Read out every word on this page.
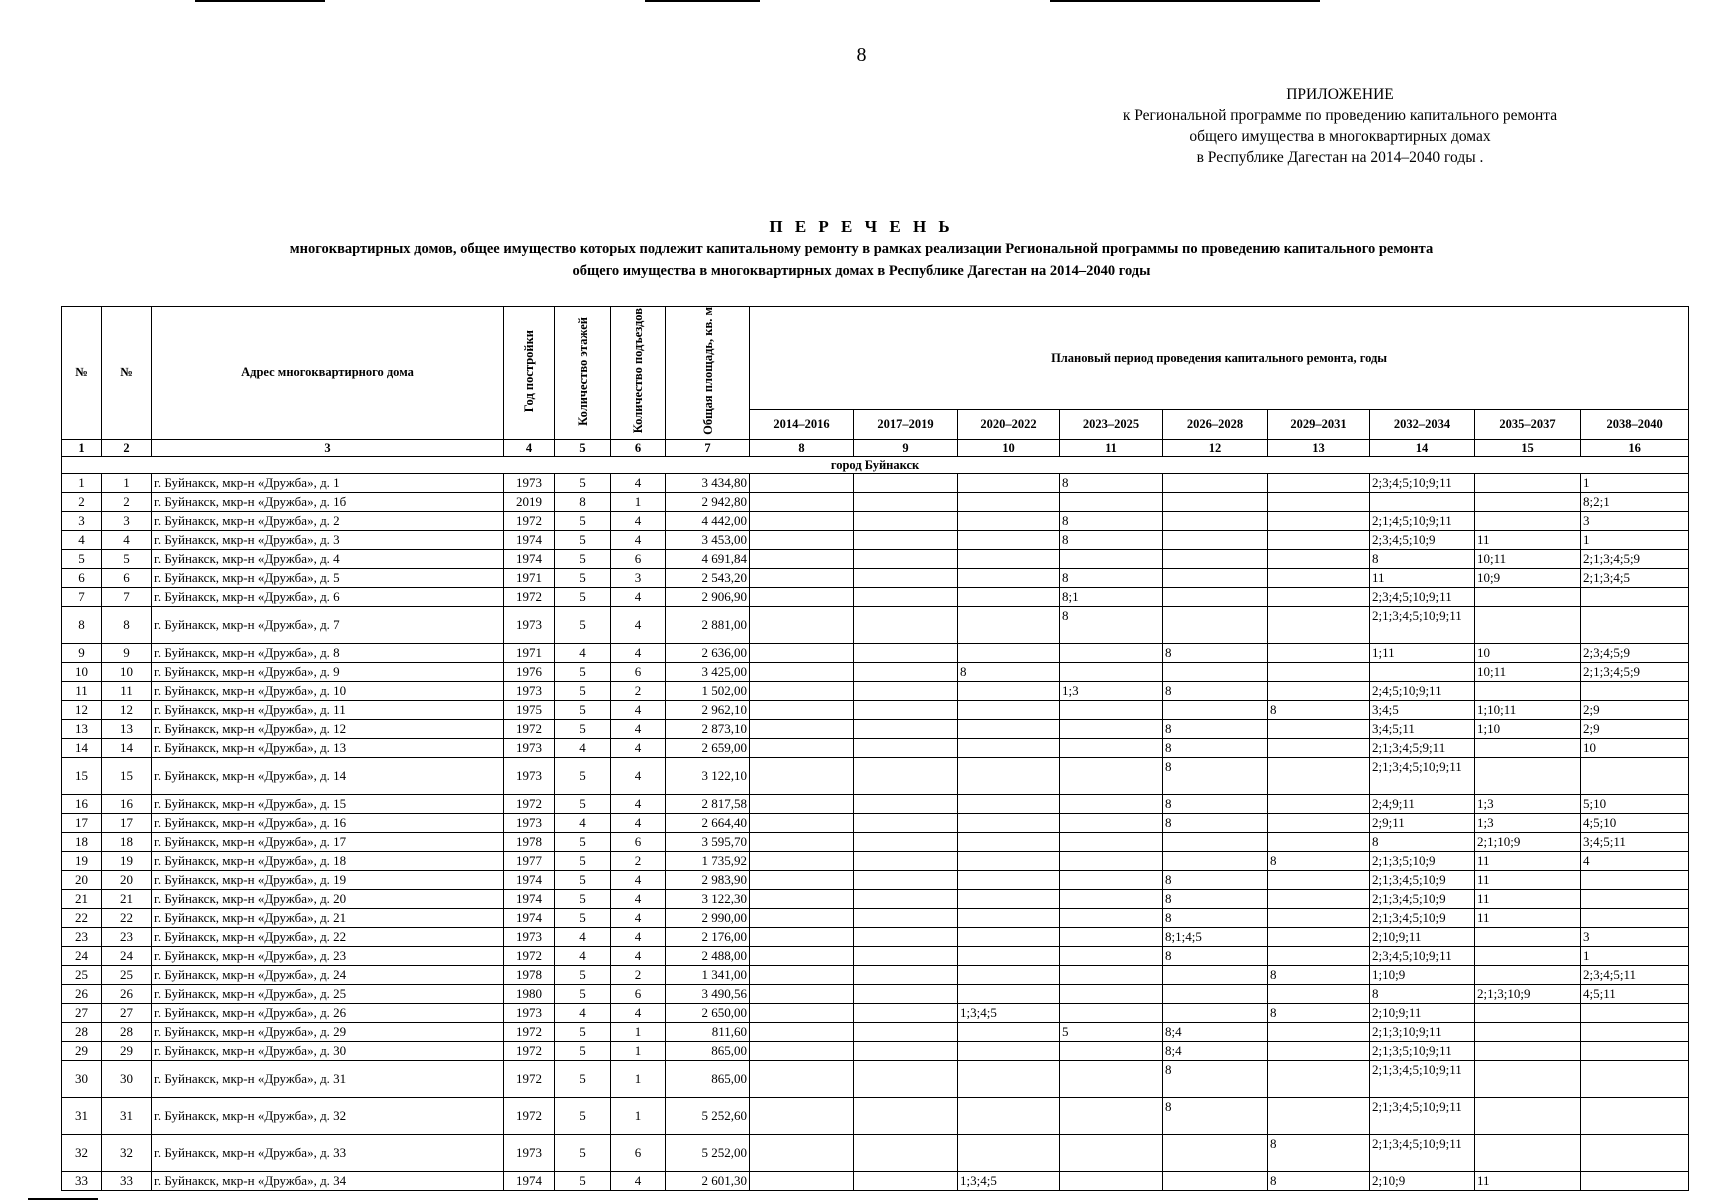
8
ПРИЛОЖЕНИЕ
к Региональной программе по проведению капитального ремонта
общего имущества в многоквартирных домах
в Республике Дагестан на 2014–2040 годы .
П Е Р Е Ч Е Н Ь
многоквартирных домов, общее имущество которых подлежит капитальному ремонту в рамках реализации Региональной программы по проведению капитального ремонта
общего имущества в многоквартирных домах в Республике Дагестан на 2014–2040 годы
№	№	Адрес многоквартирного дома	Год постройки	Количество этажей	Количество подъездов	Общая площадь, кв. м	Плановый период проведения капитального ремонта, годы								
							2014–2016	2017–2019	2020–2022	2023–2025	2026–2028	2029–2031	2032–2034	2035–2037	2038–2040
1	2	3	4	5	6	7	8	9	10	11	12	13	14	15	16
город Буйнакск															
1	1	г. Буйнакск, мкр-н «Дружба», д. 1	1973	5	4	3 434,80				8			2;3;4;5;10;9;11		1
2	2	г. Буйнакск, мкр-н «Дружба», д. 1б	2019	8	1	2 942,80									8;2;1
3	3	г. Буйнакск, мкр-н «Дружба», д. 2	1972	5	4	4 442,00				8			2;1;4;5;10;9;11		3
4	4	г. Буйнакск, мкр-н «Дружба», д. 3	1974	5	4	3 453,00				8			2;3;4;5;10;9	11	1
5	5	г. Буйнакск, мкр-н «Дружба», д. 4	1974	5	6	4 691,84							8	10;11	2;1;3;4;5;9
6	6	г. Буйнакск, мкр-н «Дружба», д. 5	1971	5	3	2 543,20				8			11	10;9	2;1;3;4;5
7	7	г. Буйнакск, мкр-н «Дружба», д. 6	1972	5	4	2 906,90				8;1			2;3;4;5;10;9;11		
8	8	г. Буйнакск, мкр-н «Дружба», д. 7	1973	5	4	2 881,00				8			2;1;3;4;5;10;9;11		
9	9	г. Буйнакск, мкр-н «Дружба», д. 8	1971	4	4	2 636,00					8		1;11	10	2;3;4;5;9
10	10	г. Буйнакск, мкр-н «Дружба», д. 9	1976	5	6	3 425,00			8					10;11	2;1;3;4;5;9
11	11	г. Буйнакск, мкр-н «Дружба», д. 10	1973	5	2	1 502,00				1;3	8		2;4;5;10;9;11		
12	12	г. Буйнакск, мкр-н «Дружба», д. 11	1975	5	4	2 962,10						8	3;4;5	1;10;11	2;9
13	13	г. Буйнакск, мкр-н «Дружба», д. 12	1972	5	4	2 873,10					8		3;4;5;11	1;10	2;9
14	14	г. Буйнакск, мкр-н «Дружба», д. 13	1973	4	4	2 659,00					8		2;1;3;4;5;9;11		10
15	15	г. Буйнакск, мкр-н «Дружба», д. 14	1973	5	4	3 122,10					8		2;1;3;4;5;10;9;11		
16	16	г. Буйнакск, мкр-н «Дружба», д. 15	1972	5	4	2 817,58					8		2;4;9;11	1;3	5;10
17	17	г. Буйнакск, мкр-н «Дружба», д. 16	1973	4	4	2 664,40					8		2;9;11	1;3	4;5;10
18	18	г. Буйнакск, мкр-н «Дружба», д. 17	1978	5	6	3 595,70							8	2;1;10;9	3;4;5;11
19	19	г. Буйнакск, мкр-н «Дружба», д. 18	1977	5	2	1 735,92						8	2;1;3;5;10;9	11	4
20	20	г. Буйнакск, мкр-н «Дружба», д. 19	1974	5	4	2 983,90					8		2;1;3;4;5;10;9	11	
21	21	г. Буйнакск, мкр-н «Дружба», д. 20	1974	5	4	3 122,30					8		2;1;3;4;5;10;9	11	
22	22	г. Буйнакск, мкр-н «Дружба», д. 21	1974	5	4	2 990,00					8		2;1;3;4;5;10;9	11	
23	23	г. Буйнакск, мкр-н «Дружба», д. 22	1973	4	4	2 176,00					8;1;4;5		2;10;9;11		3
24	24	г. Буйнакск, мкр-н «Дружба», д. 23	1972	4	4	2 488,00					8		2;3;4;5;10;9;11		1
25	25	г. Буйнакск, мкр-н «Дружба», д. 24	1978	5	2	1 341,00						8	1;10;9		2;3;4;5;11
26	26	г. Буйнакск, мкр-н «Дружба», д. 25	1980	5	6	3 490,56							8	2;1;3;10;9	4;5;11
27	27	г. Буйнакск, мкр-н «Дружба», д. 26	1973	4	4	2 650,00			1;3;4;5			8	2;10;9;11		
28	28	г. Буйнакск, мкр-н «Дружба», д. 29	1972	5	1	811,60				5	8;4		2;1;3;10;9;11		
29	29	г. Буйнакск, мкр-н «Дружба», д. 30	1972	5	1	865,00					8;4		2;1;3;5;10;9;11		
30	30	г. Буйнакск, мкр-н «Дружба», д. 31	1972	5	1	865,00					8		2;1;3;4;5;10;9;11		
31	31	г. Буйнакск, мкр-н «Дружба», д. 32	1972	5	1	5 252,60					8		2;1;3;4;5;10;9;11		
32	32	г. Буйнакск, мкр-н «Дружба», д. 33	1973	5	6	5 252,00						8	2;1;3;4;5;10;9;11		
33	33	г. Буйнакск, мкр-н «Дружба», д. 34	1974	5	4	2 601,30			1;3;4;5			8	2;10;9	11	
